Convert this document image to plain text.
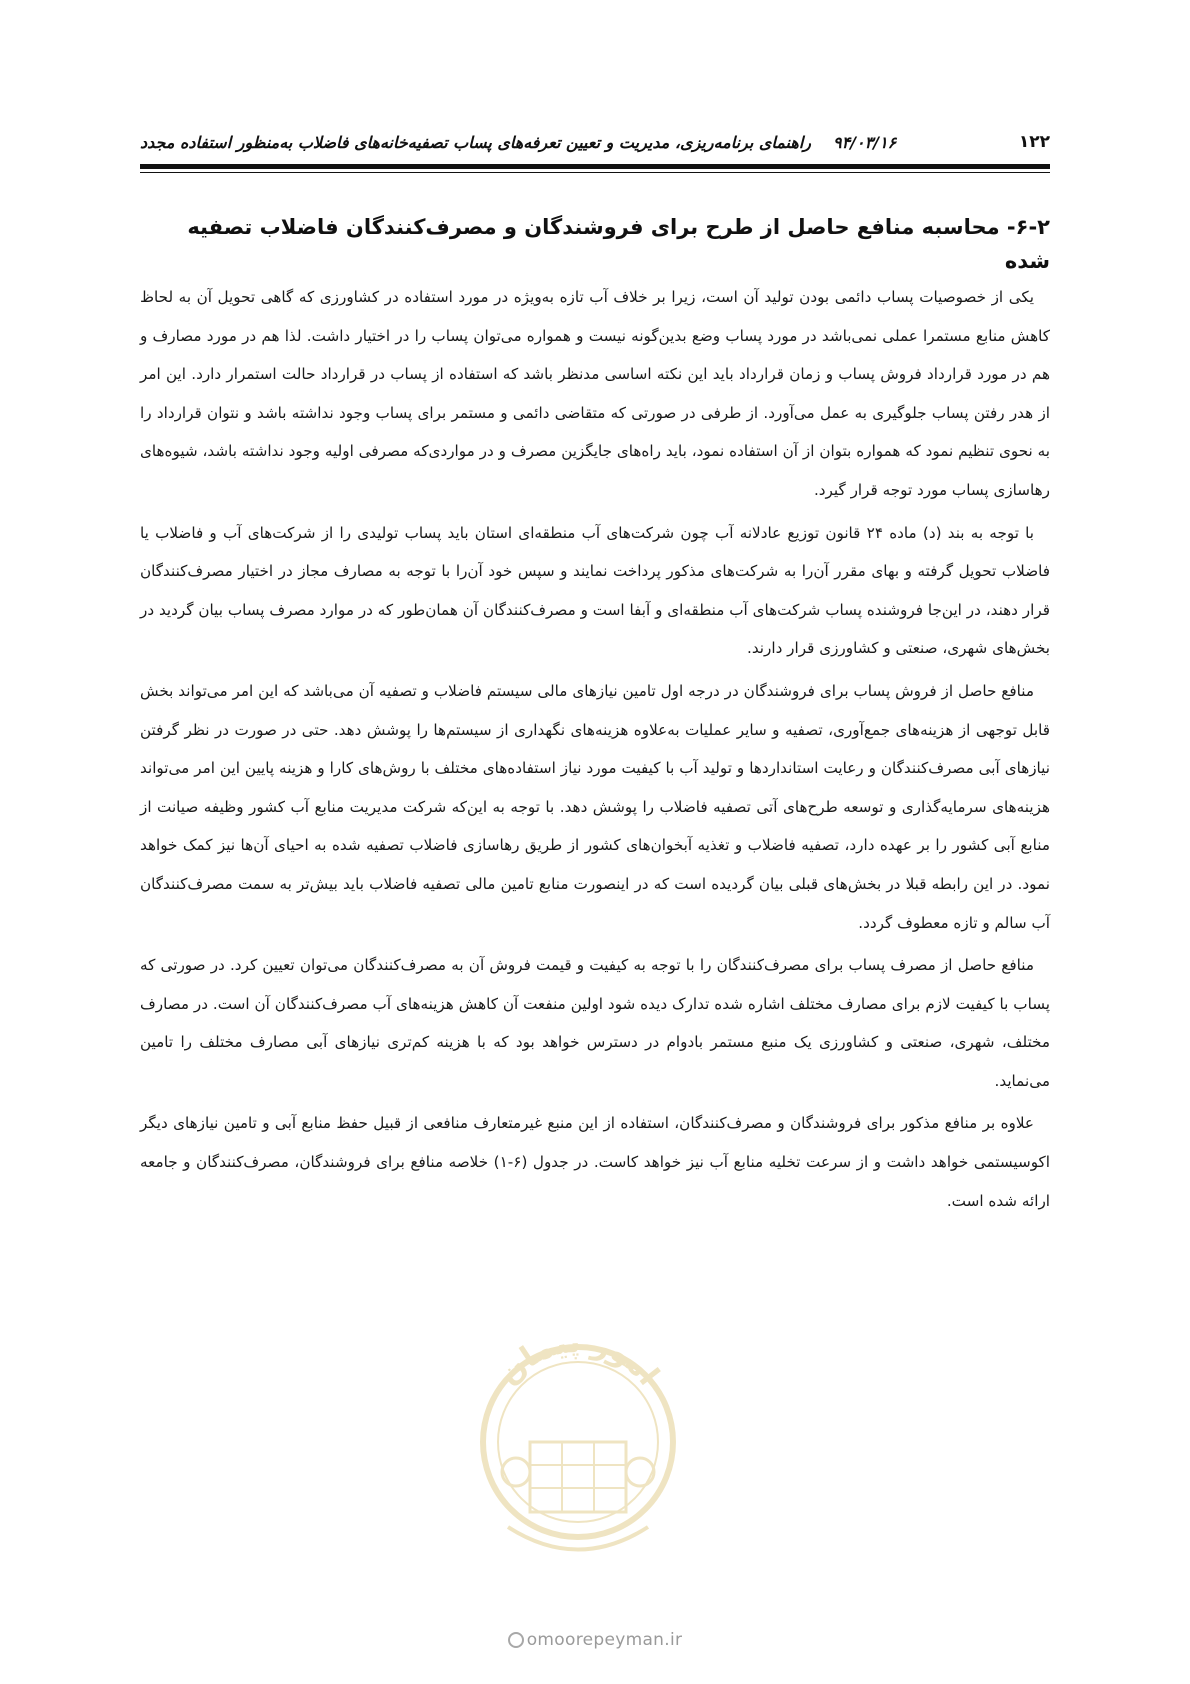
۱۲۲
۹۴/۰۳/۱۶
راهنمای برنامه‌ریزی، مدیریت و تعیین تعرفه‌های پساب تصفیه‌خانه‌های فاضلاب به‌منظور استفاده مجدد
۶-۲- محاسبه منافع حاصل از طرح برای فروشندگان و مصرف‌کنندگان فاضلاب تصفیه شده

یکی از خصوصیات پساب دائمی بودن تولید آن است، زیرا بر خلاف آب تازه به‌ویژه در مورد استفاده در کشاورزی که گاهی تحویل آن به لحاظ کاهش منابع مستمرا عملی نمی‌باشد در مورد پساب وضع بدین‌گونه نیست و همواره می‌توان پساب را در اختیار داشت. لذا هم در مورد مصارف و هم در مورد قرارداد فروش پساب و زمان قرارداد باید این نکته اساسی مدنظر باشد که استفاده از پساب در قرارداد حالت استمرار دارد. این امر از هدر رفتن پساب جلوگیری به عمل می‌آورد. از طرفی در صورتی که متقاضی دائمی و مستمر برای پساب وجود نداشته باشد و نتوان قرارداد را به نحوی تنظیم نمود که همواره بتوان از آن استفاده نمود، باید راه‌های جایگزین مصرف و در مواردی‌که مصرفی اولیه وجود نداشته باشد، شیوه‌های رهاسازی پساب مورد توجه قرار گیرد.

با توجه به بند (د) ماده ۲۴ قانون توزیع عادلانه آب چون شرکت‌های آب منطقه‌ای استان باید پساب تولیدی را از شرکت‌های آب و فاضلاب یا فاضلاب تحویل گرفته و بهای مقرر آن‌را به شرکت‌های مذکور پرداخت نمایند و سپس خود آن‌را با توجه به مصارف مجاز در اختیار مصرف‌کنندگان قرار دهند، در این‌جا فروشنده پساب شرکت‌های آب منطقه‌ای و آبفا است و مصرف‌کنندگان آن همان‌طور که در موارد مصرف پساب بیان گردید در بخش‌های شهری، صنعتی و کشاورزی قرار دارند.

منافع حاصل از فروش پساب برای فروشندگان در درجه اول تامین نیازهای مالی سیستم فاضلاب و تصفیه آن می‌باشد که این امر می‌تواند بخش قابل توجهی از هزینه‌های جمع‌آوری، تصفیه و سایر عملیات به‌علاوه هزینه‌های نگهداری از سیستم‌ها را پوشش دهد. حتی در صورت در نظر گرفتن نیازهای آبی مصرف‌کنندگان و رعایت استانداردها و تولید آب با کیفیت مورد نیاز استفاده‌های مختلف با روش‌های کارا و هزینه پایین این امر می‌تواند هزینه‌های سرمایه‌گذاری و توسعه طرح‌های آتی تصفیه فاضلاب را پوشش دهد. با توجه به این‌که شرکت مدیریت منابع آب کشور وظیفه صیانت از منابع آبی کشور را بر عهده دارد، تصفیه فاضلاب و تغذیه آبخوان‌های کشور از طریق رهاسازی فاضلاب تصفیه شده به احیای آن‌ها نیز کمک خواهد نمود. در این رابطه قبلا در بخش‌های قبلی بیان گردیده است که در اینصورت منابع تامین مالی تصفیه فاضلاب باید بیش‌تر به سمت مصرف‌کنندگان آب سالم و تازه معطوف گردد.

منافع حاصل از مصرف پساب برای مصرف‌کنندگان را با توجه به کیفیت و قیمت فروش آن به مصرف‌کنندگان می‌توان تعیین کرد. در صورتی که پساب با کیفیت لازم برای مصارف مختلف اشاره شده تدارک دیده شود اولین منفعت آن کاهش هزینه‌های آب مصرف‌کنندگان آن است. در مصارف مختلف، شهری، صنعتی و کشاورزی یک منبع مستمر بادوام در دسترس خواهد بود که با هزینه کم‌تری نیازهای آبی مصارف مختلف را تامین می‌نماید.

علاوه بر منافع مذکور برای فروشندگان و مصرف‌کنندگان، استفاده از این منبع غیرمتعارف منافعی از قبیل حفظ منابع آبی و تامین نیازهای دیگر اکوسیستمی خواهد داشت و از سرعت تخلیه منابع آب نیز خواهد کاست. در جدول (۶-۱) خلاصه منافع برای فروشندگان، مصرف‌کنندگان و جامعه ارائه شده است.

امور پیمان
omoorepeyman.ir
